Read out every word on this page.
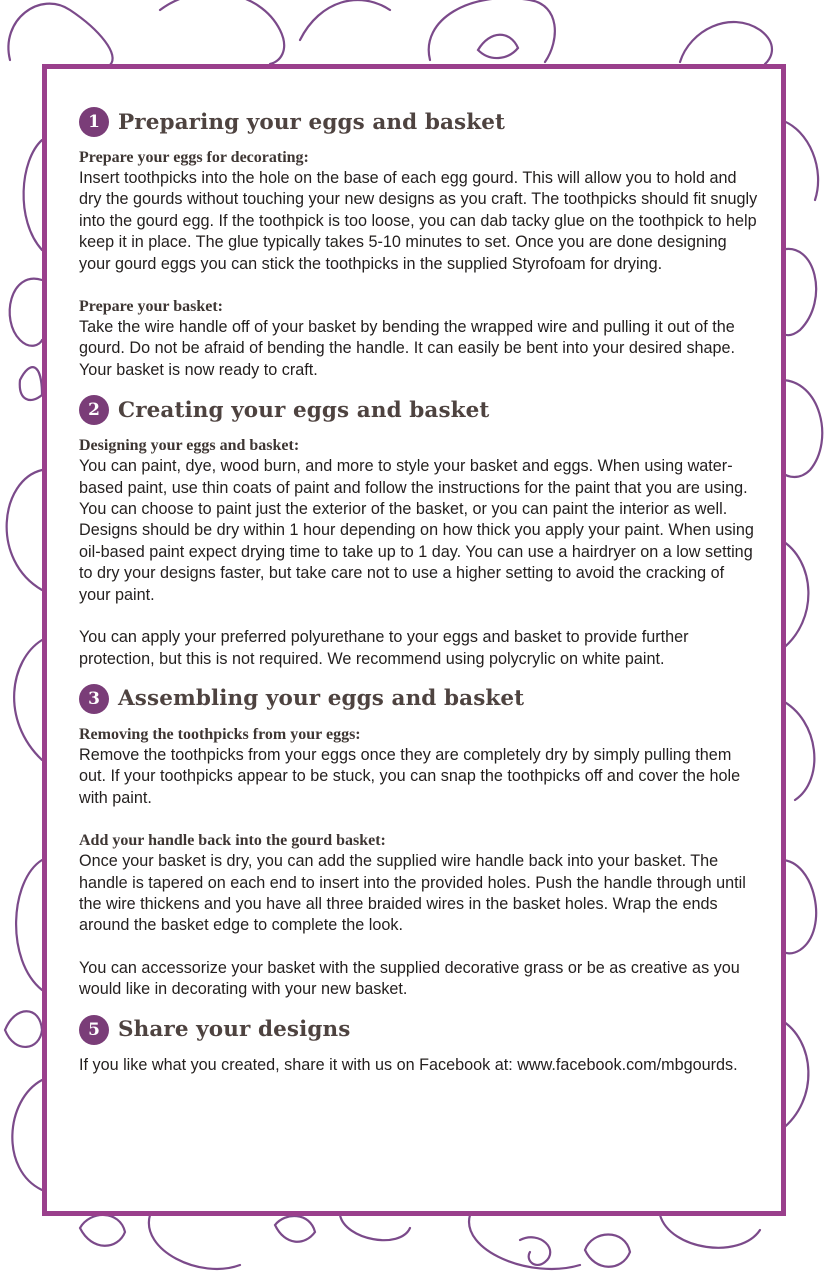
1 Preparing your eggs and basket

Prepare your eggs for decorating:

Insert toothpicks into the hole on the base of each egg gourd. This will allow you to hold and dry the gourds without touching your new designs as you craft. The toothpicks should fit snugly into the gourd egg. If the toothpick is too loose, you can dab tacky glue on the toothpick to help keep it in place. The glue typically takes 5-10 minutes to set. Once you are done designing your gourd eggs you can stick the toothpicks in the supplied Styrofoam for drying.

Prepare your basket:

Take the wire handle off of your basket by bending the wrapped wire and pulling it out of the gourd. Do not be afraid of bending the handle. It can easily be bent into your desired shape. Your basket is now ready to craft.

2 Creating your eggs and basket

Designing your eggs and basket:

You can paint, dye, wood burn, and more to style your basket and eggs. When using water-based paint, use thin coats of paint and follow the instructions for the paint that you are using. You can choose to paint just the exterior of the basket, or you can paint the interior as well. Designs should be dry within 1 hour depending on how thick you apply your paint. When using oil-based paint expect drying time to take up to 1 day. You can use a hairdryer on a low setting to dry your designs faster, but take care not to use a higher setting to avoid the cracking of your paint.

You can apply your preferred polyurethane to your eggs and basket to provide further protection, but this is not required. We recommend using polycrylic on white paint.

3 Assembling your eggs and basket

Removing the toothpicks from your eggs:

Remove the toothpicks from your eggs once they are completely dry by simply pulling them out. If your toothpicks appear to be stuck, you can snap the toothpicks off and cover the hole with paint.

Add your handle back into the gourd basket:

Once your basket is dry, you can add the supplied wire handle back into your basket. The handle is tapered on each end to insert into the provided holes. Push the handle through until the wire thickens and you have all three braided wires in the basket holes. Wrap the ends around the basket edge to complete the look.

You can accessorize your basket with the supplied decorative grass or be as creative as you would like in decorating with your new basket.

5 Share your designs

If you like what you created, share it with us on Facebook at: www.facebook.com/mbgourds.
